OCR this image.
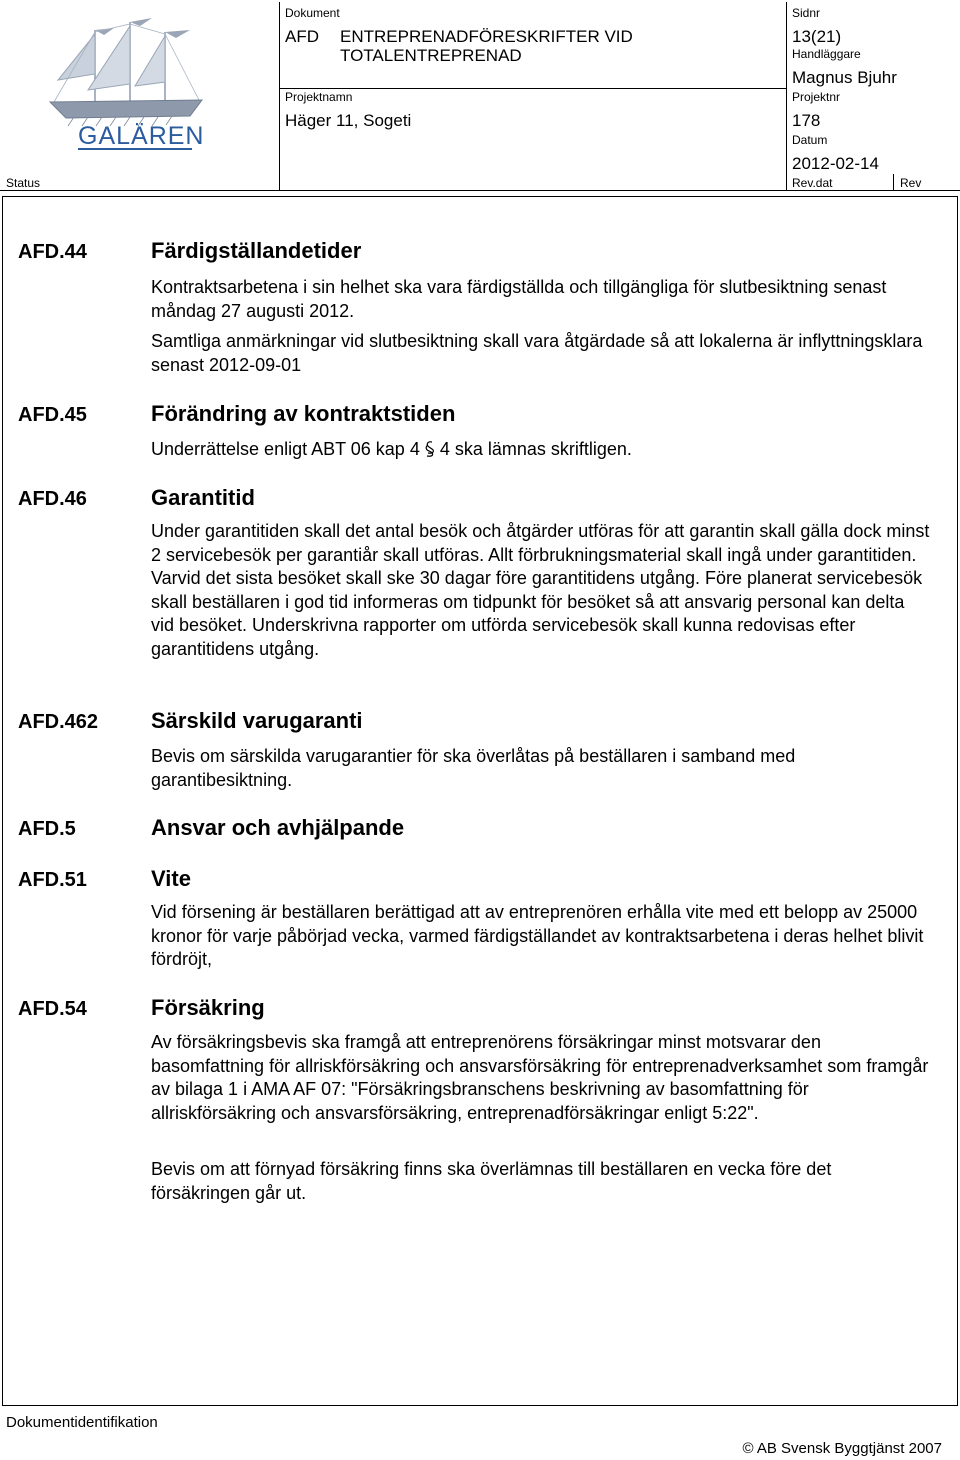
GALÄREN
Dokument
AFD ENTREPRENADFÖRESKRIFTER VID
TOTALENTREPRENAD
Sidnr
13(21)
Handläggare
Magnus Bjuhr
Projektnamn
Häger 11, Sogeti
Projektnr
178
Datum
2012-02-14
Status	Rev.dat	Rev
AFD.44	Färdigställandetider
Kontraktsarbetena i sin helhet ska vara färdigställda och tillgängliga för slutbesiktning senast måndag 27 augusti 2012.
Samtliga anmärkningar vid slutbesiktning skall vara åtgärdade så att lokalerna är inflyttningsklara senast 2012-09-01
AFD.45	Förändring av kontraktstiden
Underrättelse enligt ABT 06 kap 4  4 ska lämnas skriftligen.
AFD.46	Garantitid
Under garantitiden skall det antal besök och åtgärder utföras för att garantin skall gälla dock minst 2 servicebesök per garantiår skall utföras. Allt förbrukningsmaterial skall ingå under garantitiden. Varvid det sista besöket skall ske 30 dagar före garantitidens utgång. Före planerat servicebesök skall beställaren i god tid informeras om tidpunkt för besöket så att ansvarig personal kan delta vid besöket. Underskrivna rapporter om utförda servicebesök skall kunna redovisas efter garantitidens utgång.
AFD.462 Särskild varugaranti
Bevis om särskilda varugarantier för ska överlåtas på beställaren i samband med garantibesiktning.
AFD.5	Ansvar och avhjälpande
AFD.51	Vite
Vid försening är beställaren berättigad att av entreprenören erhålla vite med ett belopp av 25000 kronor för varje påbörjad vecka, varmed färdigställandet av kontraktsarbetena i deras helhet blivit fördröjt,
AFD.54	Försäkring
Av försäkringsbevis ska framgå att entreprenörens försäkringar minst motsvarar den basomfattning för allriskförsäkring och ansvarsförsäkring för entreprenadverksamhet som framgår av bilaga 1 i AMA AF 07: "Försäkringsbranschens beskrivning av basomfattning för allriskförsäkring och ansvarsförsäkring, entreprenadförsäkringar enligt 5:22".
Bevis om att förnyad försäkring finns ska överlämnas till beställaren en vecka före det försäkringen går ut.
Dokumentidentifikation
© AB Svensk Byggtjänst 2007
